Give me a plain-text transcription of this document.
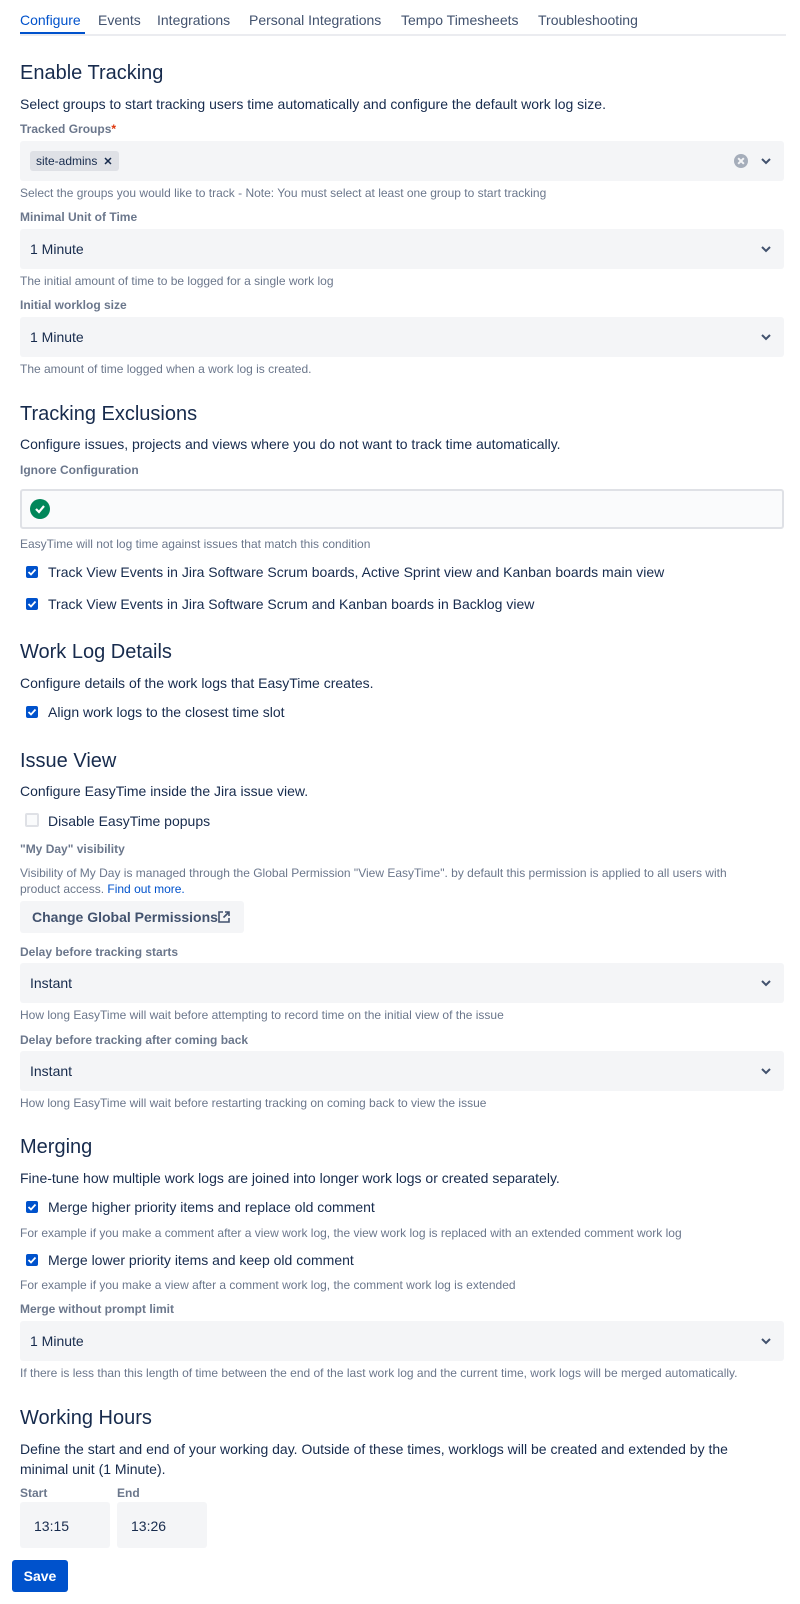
Configure Events Integrations Personal Integrations Tempo Timesheets Troubleshooting
Enable Tracking
Select groups to start tracking users time automatically and configure the default work log size.
Tracked Groups*
site-admins ✕
Select the groups you would like to track - Note: You must select at least one group to start tracking
Minimal Unit of Time
1 Minute
The initial amount of time to be logged for a single work log
Initial worklog size
1 Minute
The amount of time logged when a work log is created.
Tracking Exclusions
Configure issues, projects and views where you do not want to track time automatically.
Ignore Configuration
EasyTime will not log time against issues that match this condition
Track View Events in Jira Software Scrum boards, Active Sprint view and Kanban boards main view
Track View Events in Jira Software Scrum and Kanban boards in Backlog view
Work Log Details
Configure details of the work logs that EasyTime creates.
Align work logs to the closest time slot
Issue View
Configure EasyTime inside the Jira issue view.
Disable EasyTime popups
"My Day" visibility
Visibility of My Day is managed through the Global Permission "View EasyTime". by default this permission is applied to all users with
product access. Find out more.
Change Global Permissions
Delay before tracking starts
Instant
How long EasyTime will wait before attempting to record time on the initial view of the issue
Delay before tracking after coming back
Instant
How long EasyTime will wait before restarting tracking on coming back to view the issue
Merging
Fine-tune how multiple work logs are joined into longer work logs or created separately.
Merge higher priority items and replace old comment
For example if you make a comment after a view work log, the view work log is replaced with an extended comment work log
Merge lower priority items and keep old comment
For example if you make a view after a comment work log, the comment work log is extended
Merge without prompt limit
1 Minute
If there is less than this length of time between the end of the last work log and the current time, work logs will be merged automatically.
Working Hours
Define the start and end of your working day. Outside of these times, worklogs will be created and extended by the
minimal unit (1 Minute).
Start	End
13:15	13:26
Save
